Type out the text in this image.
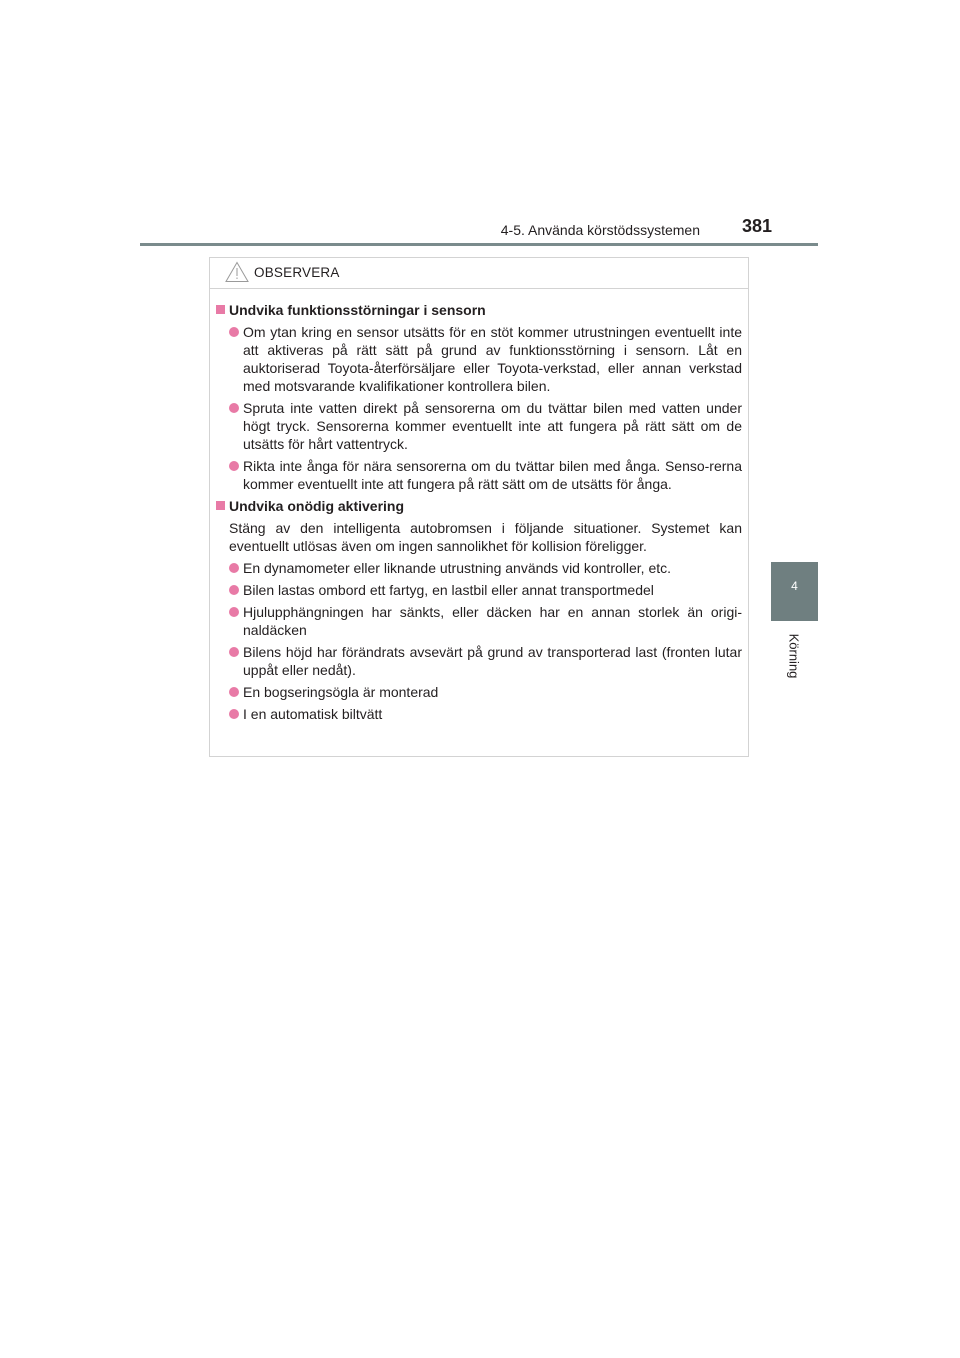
4-5. Använda körstödssystemen 381
4
Körning
OBSERVERA
Undvika funktionsstörningar i sensorn
Om ytan kring en sensor utsätts för en stöt kommer utrustningen eventuellt inte att aktiveras på rätt sätt på grund av funktionsstörning i sensorn. Låt en auktoriserad Toyota-återförsäljare eller Toyota-verkstad, eller annan verkstad med motsvarande kvalifikationer kontrollera bilen.
Spruta inte vatten direkt på sensorerna om du tvättar bilen med vatten under högt tryck. Sensorerna kommer eventuellt inte att fungera på rätt sätt om de utsätts för hårt vattentryck.
Rikta inte ånga för nära sensorerna om du tvättar bilen med ånga. Senso-rerna kommer eventuellt inte att fungera på rätt sätt om de utsätts för ånga.
Undvika onödig aktivering
Stäng av den intelligenta autobromsen i följande situationer. Systemet kan eventuellt utlösas även om ingen sannolikhet för kollision föreligger.
En dynamometer eller liknande utrustning används vid kontroller, etc.
Bilen lastas ombord ett fartyg, en lastbil eller annat transportmedel
Hjulupphängningen har sänkts, eller däcken har en annan storlek än origi-naldäcken
Bilens höjd har förändrats avsevärt på grund av transporterad last (fronten lutar uppåt eller nedåt).
En bogseringsögla är monterad
I en automatisk biltvätt
